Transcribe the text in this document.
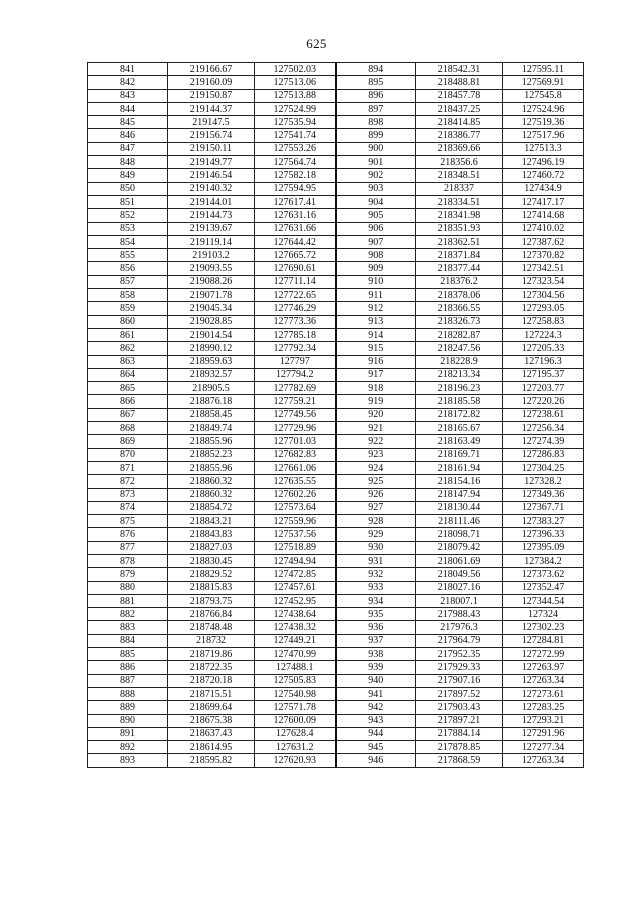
625
841	219166.67	127502.03	894	218542.31	127595.11
842	219160.09	127513.06	895	218488.81	127569.91
843	219150.87	127513.88	896	218457.78	127545.8
844	219144.37	127524.99	897	218437.25	127524.96
845	219147.5	127535.94	898	218414.85	127519.36
846	219156.74	127541.74	899	218386.77	127517.96
847	219150.11	127553.26	900	218369.66	127513.3
848	219149.77	127564.74	901	218356.6	127496.19
849	219146.54	127582.18	902	218348.51	127460.72
850	219140.32	127594.95	903	218337	127434.9
851	219144.01	127617.41	904	218334.51	127417.17
852	219144.73	127631.16	905	218341.98	127414.68
853	219139.67	127631.66	906	218351.93	127410.02
854	219119.14	127644.42	907	218362.51	127387.62
855	219103.2	127665.72	908	218371.84	127370.82
856	219093.55	127690.61	909	218377.44	127342.51
857	219088.26	127711.14	910	218376.2	127323.54
858	219071.78	127722.65	911	218378.06	127304.56
859	219045.34	127746.29	912	218366.55	127293.05
860	219028.85	127773.36	913	218326.73	127258.83
861	219014.54	127785.18	914	218282.87	127224.3
862	218990.12	127792.34	915	218247.56	127205.33
863	218959.63	127797	916	218228.9	127196.3
864	218932.57	127794.2	917	218213.34	127195.37
865	218905.5	127782.69	918	218196.23	127203.77
866	218876.18	127759.21	919	218185.58	127220.26
867	218858.45	127749.56	920	218172.82	127238.61
868	218849.74	127729.96	921	218165.67	127256.34
869	218855.96	127701.03	922	218163.49	127274.39
870	218852.23	127682.83	923	218169.71	127286.83
871	218855.96	127661.06	924	218161.94	127304.25
872	218860.32	127635.55	925	218154.16	127328.2
873	218860.32	127602.26	926	218147.94	127349.36
874	218854.72	127573.64	927	218130.44	127367.71
875	218843.21	127559.96	928	218111.46	127383.27
876	218843.83	127537.56	929	218098.71	127396.33
877	218827.03	127518.89	930	218079.42	127395.09
878	218830.45	127494.94	931	218061.69	127384.2
879	218829.52	127472.85	932	218049.56	127373.62
880	218815.83	127457.61	933	218027.16	127352.47
881	218793.75	127452.95	934	218007.1	127344.54
882	218766.84	127438.64	935	217988.43	127324
883	218748.48	127438.32	936	217976.3	127302.23
884	218732	127449.21	937	217964.79	127284.81
885	218719.86	127470.99	938	217952.35	127272.99
886	218722.35	127488.1	939	217929.33	127263.97
887	218720.18	127505.83	940	217907.16	127263.34
888	218715.51	127540.98	941	217897.52	127273.61
889	218699.64	127571.78	942	217903.43	127283.25
890	218675.38	127600.09	943	217897.21	127293.21
891	218637.43	127628.4	944	217884.14	127291.96
892	218614.95	127631.2	945	217878.85	127277.34
893	218595.82	127620.93	946	217868.59	127263.34
